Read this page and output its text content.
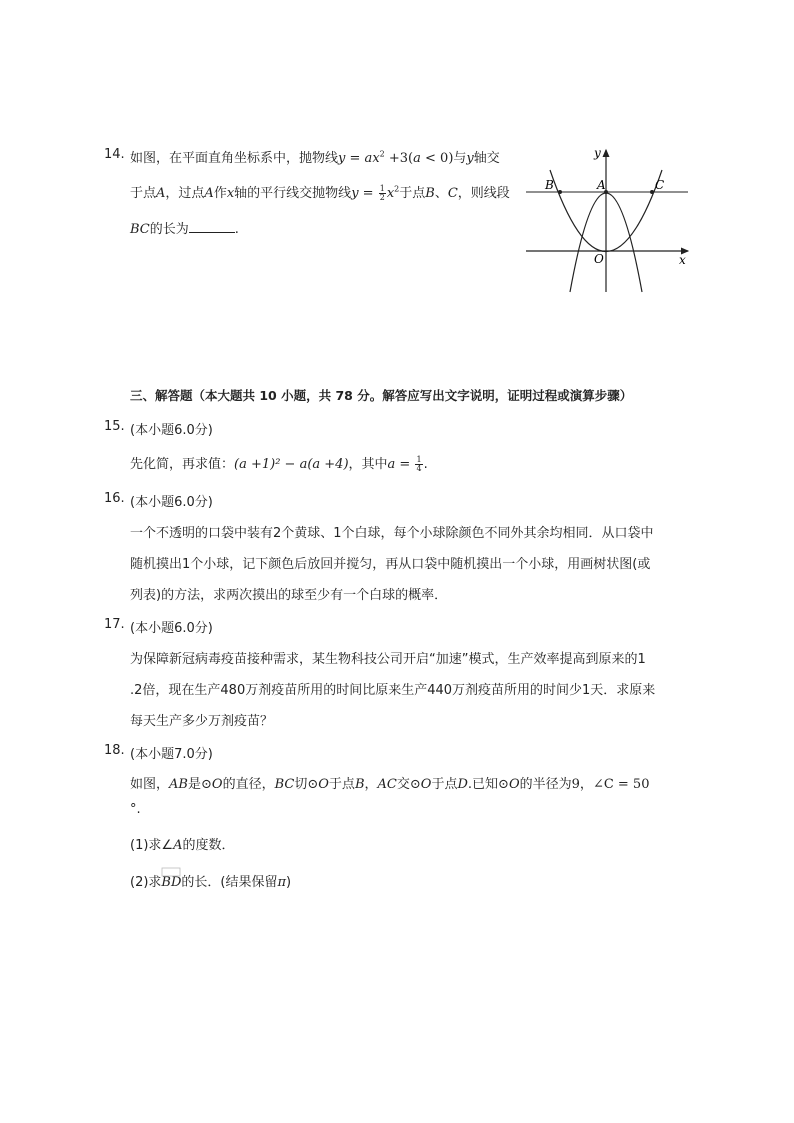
14. 如图，在平面直角坐标系中，抛物线$y = ax^2 +3(a < 0)$与y轴交
于点A，过点A作x轴的平行线交抛物线$y = \frac{1}{2} x^2$于点B、C，则线段
BC的长为	.
y
x
O
A
B	C
三、解答题（本大题共 10 小题，共 78 分。解答应写出文字说明，证明过程或演算步骤）
15. (本小题6.0分)
先化简，再求值：(a +1)² − a(a +4)，其中$a = \frac{1}{4}$ .
16. (本小题6.0分)
一个不透明的口袋中装有2个黄球、1个白球，每个小球除颜色不同外其余均相同．从口袋中
随机摸出1个小球，记下颜色后放回并搅匀，再从口袋中随机摸出一个小球，用画树状图(或
列表)的方法，求两次摸出的球至少有一个白球的概率．
17. (本小题6.0分)
为保障新冠病毒疫苗接种需求，某生物科技公司开启“加速”模式，生产效率提高到原来的1
.2倍，现在生产480万剂疫苗所用的时间比原来生产440万剂疫苗所用的时间少1天．求原来
每天生产多少万剂疫苗？
18. (本小题7.0分)
如图，AB是⊙O的直径，BC切⊙O于点B，AC交⊙O于点D.已知⊙O的半径为9，∠C = 50
°.
(1)求∠A的度数．
(2)求
BD的长．(结果保留π)
